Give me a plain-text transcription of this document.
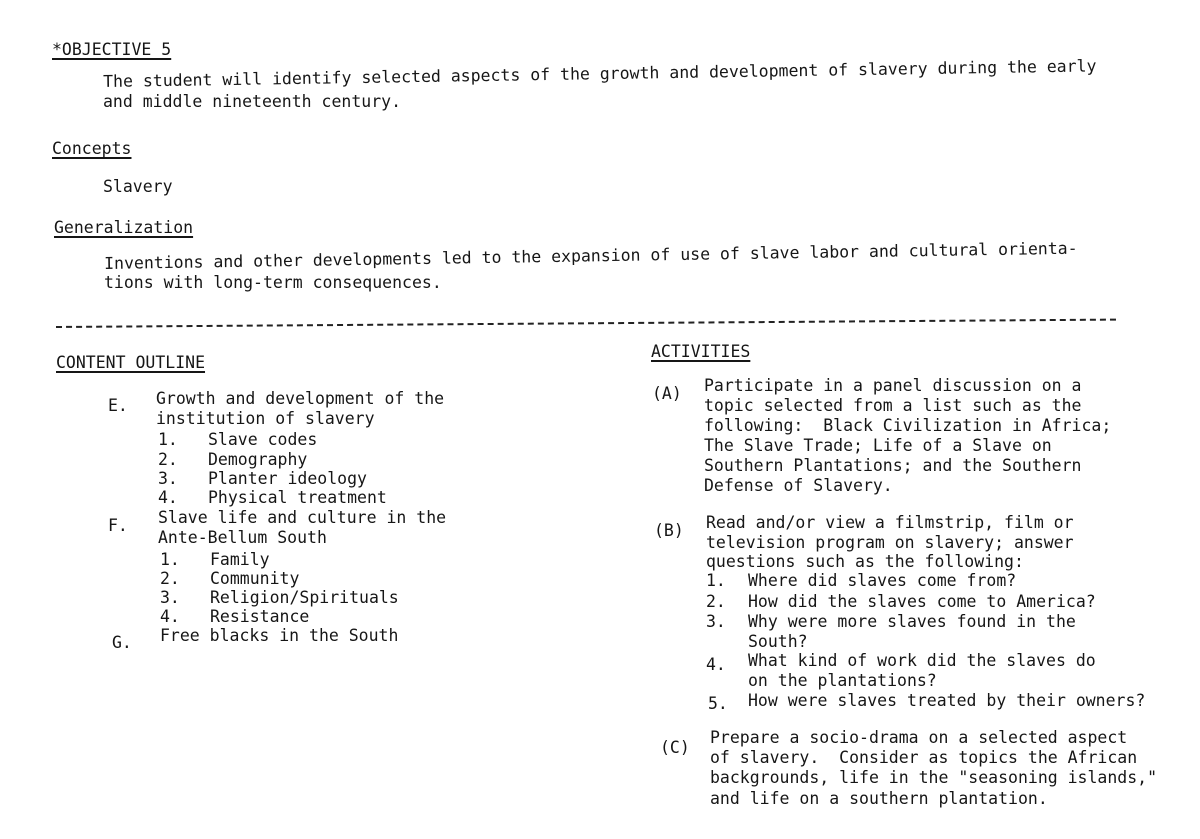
*OBJECTIVE 5
The student will identify selected aspects of the growth and development of slavery during the early
and middle nineteenth century.
Concepts
Slavery
Generalization
Inventions and other developments led to the expansion of use of slave labor and cultural orienta-
tions with long-term consequences.
CONTENT OUTLINE
E. Growth and development of the
institution of slavery
1. Slave codes
2. Demography
3. Planter ideology
4. Physical treatment
F. Slave life and culture in the
Ante-Bellum South
1. Family
2. Community
3. Religion/Spirituals
4. Resistance
G. Free blacks in the South
ACTIVITIES
(A) Participate in a panel discussion on a
topic selected from a list such as the
following:  Black Civilization in Africa;
The Slave Trade; Life of a Slave on
Southern Plantations; and the Southern
Defense of Slavery.
(B) Read and/or view a filmstrip, film or
television program on slavery; answer
questions such as the following:
1. Where did slaves come from?
2. How did the slaves come to America?
3. Why were more slaves found in the
South?
4. What kind of work did the slaves do
on the plantations?
5. How were slaves treated by their owners?
(C)
Prepare a socio-drama on a selected aspect
of slavery.  Consider as topics the African
backgrounds, life in the "seasoning islands,"
and life on a southern plantation.
